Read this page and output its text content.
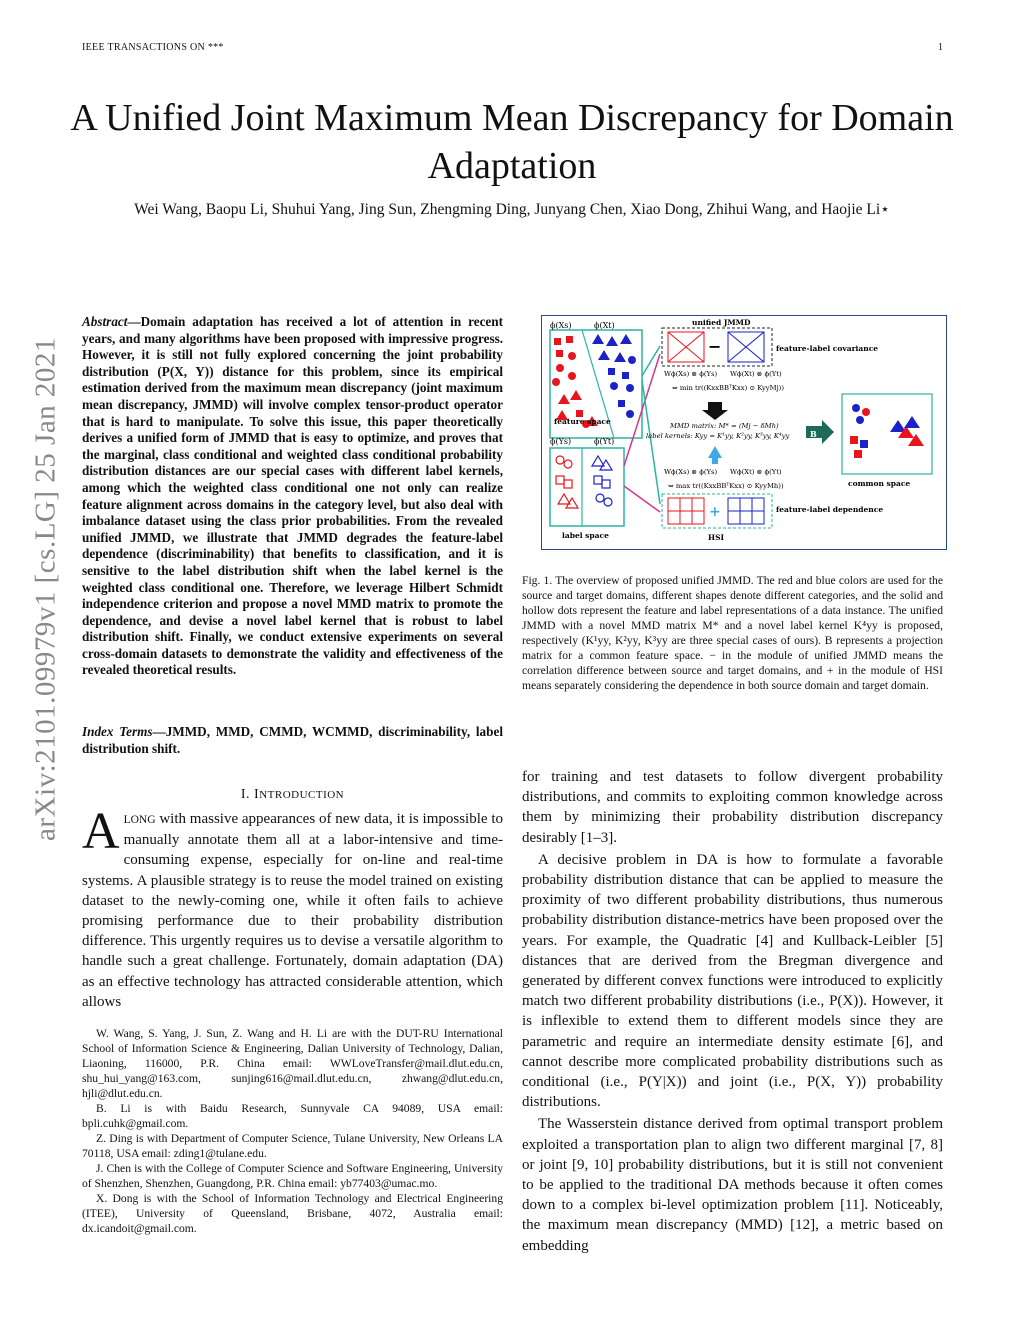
IEEE TRANSACTIONS ON ***	1
A Unified Joint Maximum Mean Discrepancy for Domain Adaptation
Wei Wang, Baopu Li, Shuhui Yang, Jing Sun, Zhengming Ding, Junyang Chen, Xiao Dong, Zhihui Wang, and Haojie Li⋆
arXiv:2101.09979v1 [cs.LG] 25 Jan 2021
Abstract—Domain adaptation has received a lot of attention in recent years, and many algorithms have been proposed with impressive progress. However, it is still not fully explored concerning the joint probability distribution (P(X, Y)) distance for this problem, since its empirical estimation derived from the maximum mean discrepancy (joint maximum mean discrepancy, JMMD) will involve complex tensor-product operator that is hard to manipulate. To solve this issue, this paper theoretically derives a unified form of JMMD that is easy to optimize, and proves that the marginal, class conditional and weighted class conditional probability distribution distances are our special cases with different label kernels, among which the weighted class conditional one not only can realize feature alignment across domains in the category level, but also deal with imbalance dataset using the class prior probabilities. From the revealed unified JMMD, we illustrate that JMMD degrades the feature-label dependence (discriminability) that benefits to classification, and it is sensitive to the label distribution shift when the label kernel is the weighted class conditional one. Therefore, we leverage Hilbert Schmidt independence criterion and propose a novel MMD matrix to promote the dependence, and devise a novel label kernel that is robust to label distribution shift. Finally, we conduct extensive experiments on several cross-domain datasets to demonstrate the validity and effectiveness of the revealed theoretical results.
Index Terms—JMMD, MMD, CMMD, WCMMD, discriminability, label distribution shift.
I. INTRODUCTION
ALONG with massive appearances of new data, it is impossible to manually annotate them all at a labor-intensive and time-consuming expense, especially for on-line and real-time systems. A plausible strategy is to reuse the model trained on existing dataset to the newly-coming one, while it often fails to achieve promising performance due to their probability distribution difference. This urgently requires us to devise a versatile algorithm to handle such a great challenge. Fortunately, domain adaptation (DA) as an effective technology has attracted considerable attention, which allows

W. Wang, S. Yang, J. Sun, Z. Wang and H. Li are with the DUT-RU International School of Information Science & Engineering, Dalian University of Technology, Dalian, Liaoning, 116000, P.R. China email: WWLoveTransfer@mail.dlut.edu.cn, shu_hui_yang@163.com, sunjing616@mail.dlut.edu.cn, zhwang@dlut.edu.cn, hjli@dlut.edu.cn.

B. Li is with Baidu Research, Sunnyvale CA 94089, USA email: bpli.cuhk@gmail.com.

Z. Ding is with Department of Computer Science, Tulane University, New Orleans LA 70118, USA email: zding1@tulane.edu.

J. Chen is with the College of Computer Science and Software Engineering, University of Shenzhen, Shenzhen, Guangdong, P.R. China email: yb77403@umac.mo.

X. Dong is with the School of Information Technology and Electrical Engineering (ITEE), University of Queensland, Brisbane, 4072, Australia email: dx.icandoit@gmail.com.

ϕ(Xs)	ϕ(Xt)
feature space
ϕ(Ys)	ϕ(Yt)
label space
unified JMMD
−	feature-label covariance
Wϕ(Xs) ⊗ ϕ(Ys) Wϕ(Xt) ⊗ ϕ(Yt)
⇔ min tr((KxxBBᵀKxx) ⊙ KyyMj))
MMD matrix: M* = (Mj − δMh)
label kernels: Kyy = K¹yy, K²yy, K³yy, K⁴yy
Wϕ(Xs) ⊗ ϕ(Ys) Wϕ(Xt) ⊗ ϕ(Yt)
⇔ max tr((KxxBBᵀKxx) ⊙ KyyMh))
+	feature-label dependence
HSI
B
common space
Fig. 1. The overview of proposed unified JMMD. The red and blue colors are used for the source and target domains, different shapes denote different categories, and the solid and hollow dots represent the feature and label representations of a data instance. The unified JMMD with a novel MMD matrix M* and a novel label kernel K⁴yy is proposed, respectively (K¹yy, K²yy, K³yy are three special cases of ours). B represents a projection matrix for a common feature space. − in the module of unified JMMD means the correlation difference between source and target domains, and + in the module of HSI means separately considering the dependence in both source domain and target domain.

for training and test datasets to follow divergent probability distributions, and commits to exploiting common knowledge across them by minimizing their probability distribution discrepancy desirably [1–3].

A decisive problem in DA is how to formulate a favorable probability distribution distance that can be applied to measure the proximity of two different probability distributions, thus numerous probability distribution distance-metrics have been proposed over the years. For example, the Quadratic [4] and Kullback-Leibler [5] distances that are derived from the Bregman divergence and generated by different convex functions were introduced to explicitly match two different probability distributions (i.e., P(X)). However, it is inflexible to extend them to different models since they are parametric and require an intermediate density estimate [6], and cannot describe more complicated probability distributions such as conditional (i.e., P(Y|X)) and joint (i.e., P(X, Y)) probability distributions.

The Wasserstein distance derived from optimal transport problem exploited a transportation plan to align two different marginal [7, 8] or joint [9, 10] probability distributions, but it is still not convenient to be applied to the traditional DA methods because it often comes down to a complex bi-level optimization problem [11]. Noticeably, the maximum mean discrepancy (MMD) [12], a metric based on embedding
